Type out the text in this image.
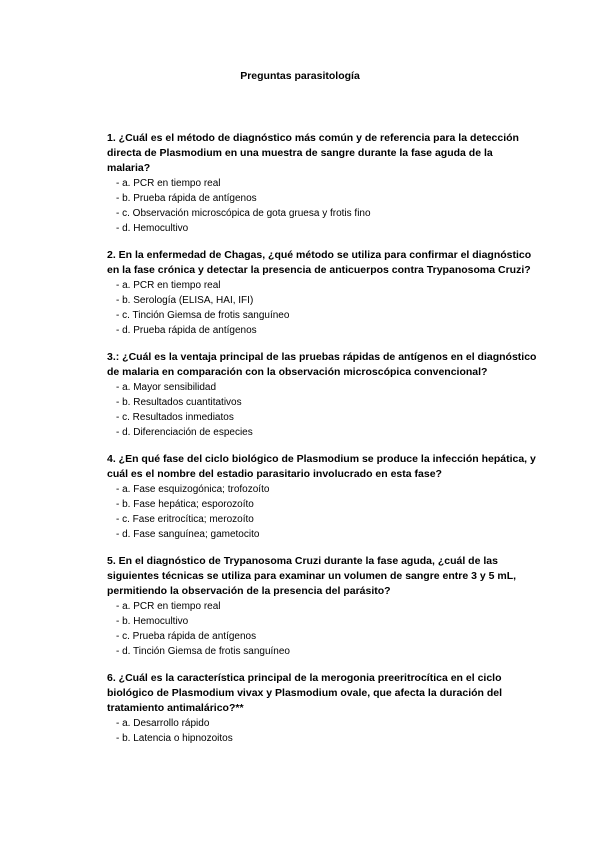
Preguntas parasitología

1. ¿Cuál es el método de diagnóstico más común y de referencia para la detección directa de Plasmodium en una muestra de sangre durante la fase aguda de la malaria?

- a. PCR en tiempo real
- b. Prueba rápida de antígenos
- c. Observación microscópica de gota gruesa y frotis fino
- d. Hemocultivo

2. En la enfermedad de Chagas, ¿qué método se utiliza para confirmar el diagnóstico en la fase crónica y detectar la presencia de anticuerpos contra Trypanosoma Cruzi?

- a. PCR en tiempo real
- b. Serología (ELISA, HAI, IFI)
- c. Tinción Giemsa de frotis sanguíneo
- d. Prueba rápida de antígenos

3.: ¿Cuál es la ventaja principal de las pruebas rápidas de antígenos en el diagnóstico de malaria en comparación con la observación microscópica convencional?

- a. Mayor sensibilidad
- b. Resultados cuantitativos
- c. Resultados inmediatos
- d. Diferenciación de especies

4. ¿En qué fase del ciclo biológico de Plasmodium se produce la infección hepática, y cuál es el nombre del estadio parasitario involucrado en esta fase?

- a. Fase esquizogónica; trofozoíto
- b. Fase hepática; esporozoíto
- c. Fase eritrocítica; merozoíto
- d. Fase sanguínea; gametocito

5. En el diagnóstico de Trypanosoma Cruzi durante la fase aguda, ¿cuál de las siguientes técnicas se utiliza para examinar un volumen de sangre entre 3 y 5 mL, permitiendo la observación de la presencia del parásito?

- a. PCR en tiempo real
- b. Hemocultivo
- c. Prueba rápida de antígenos
- d. Tinción Giemsa de frotis sanguíneo

6. ¿Cuál es la característica principal de la merogonia preeritrocítica en el ciclo biológico de Plasmodium vivax y Plasmodium ovale, que afecta la duración del tratamiento antimalárico?**

- a. Desarrollo rápido
- b. Latencia o hipnozoitos
